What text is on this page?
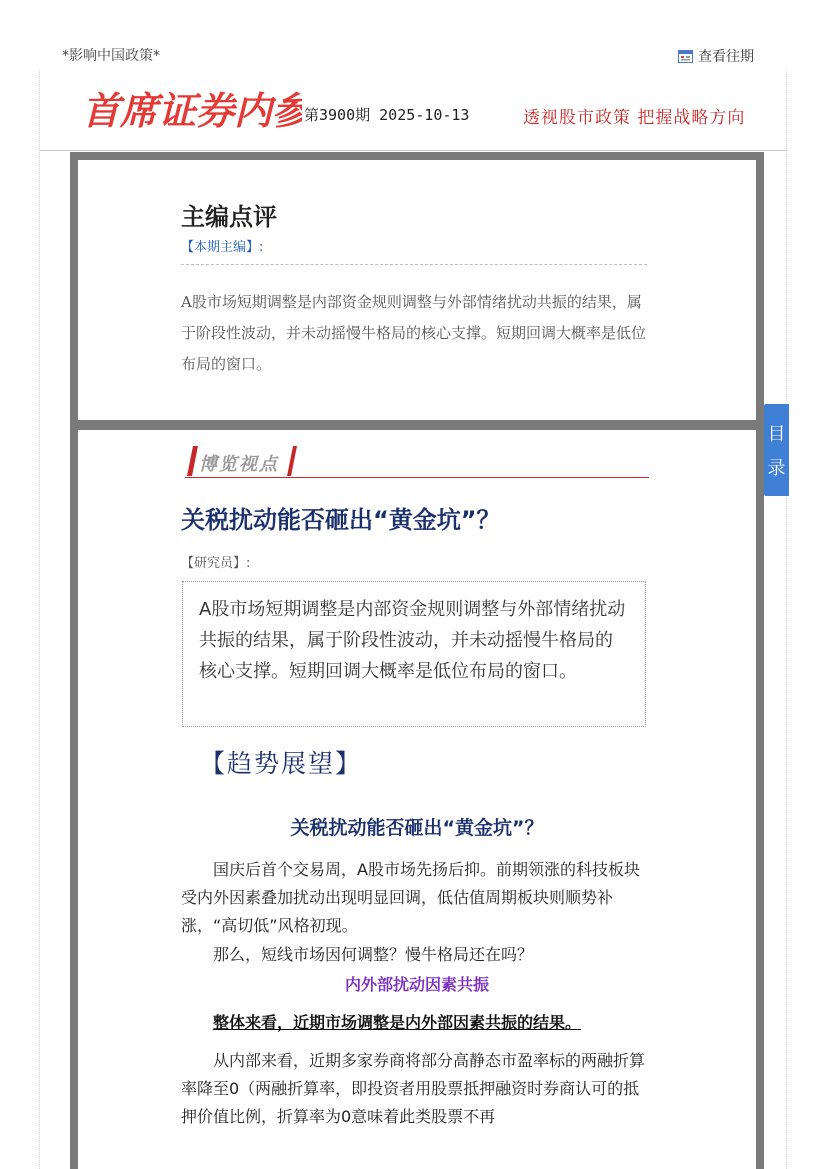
*影响中国政策*	查看往期
首席证券内参
第3900期 2025-10-13	透视股市政策 把握战略方向
主编点评
【本期主编】:
A股市场短期调整是内部资金规则调整与外部情绪扰动共振的结果，属于阶段性波动，并未动摇慢牛格局的核心支撑。短期回调大概率是低位布局的窗口。
博览视点
关税扰动能否砸出“黄金坑”？
【研究员】:
A股市场短期调整是内部资金规则调整与外部情绪扰动共振的结果，属于阶段性波动，并未动摇慢牛格局的核心支撑。短期回调大概率是低位布局的窗口。
【趋势展望】
关税扰动能否砸出“黄金坑”？
国庆后首个交易周，A股市场先扬后抑。前期领涨的科技板块受内外因素叠加扰动出现明显回调，低估值周期板块则顺势补涨，“高切低”风格初现。
那么，短线市场因何调整？慢牛格局还在吗？
内外部扰动因素共振
整体来看，近期市场调整是内外部因素共振的结果。
从内部来看，近期多家券商将部分高静态市盈率标的两融折算率降至0（两融折算率，即投资者用股票抵押融资时券商认可的抵押价值比例，折算率为0意味着此类股票不再
目
录
